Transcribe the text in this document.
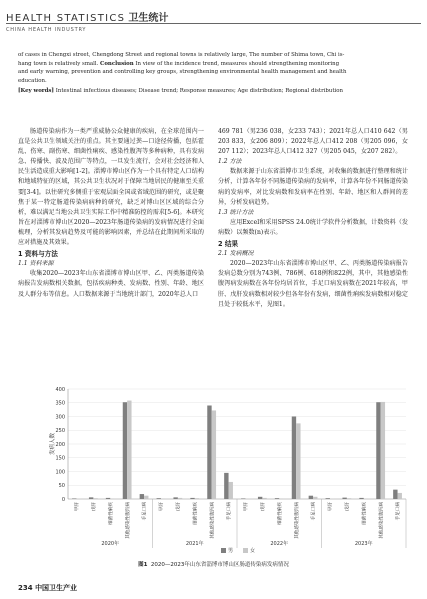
HEALTH STATISTICS 卫生统计
CHINA HEALTH INDUSTRY
of cases in Chengxi street, Chengdong Street and regional towns is relatively large, The number of Shima town, Chi is-
hang town is relatively small. Conclusion In view of the incidence trend, measures should strengthening monitoring
and early warning, prevention and controlling key groups, strengthening environmental health management and health
education.
[Key words] Intestinal infectious diseases; Disease trend; Response measures; Age distribution; Regional distribution

肠道传染病作为一类严重威胁公众健康的疾病，在全球范围内一直是公共卫生领域关注的重点。其主要通过粪—口途径传播，包括霍乱、伤寒、副伤寒、细菌性痢疾、感染性腹泻等多种病种，具有发病急、传播快、波及范围广等特点，一旦发生流行，会对社会经济和人民生活造成重大影响[1-2]。淄博市博山区作为一个具有特定人口结构和地域特征的区域，其公共卫生状况对于保障当地居民的健康至关重要[3-4]。以往研究多侧重于宏观层面全国或省域范围的研究，或是聚焦于某一特定肠道传染病病种的研究，缺乏对博山区区域的综合分析，难以满足当地公共卫生实际工作中精准防控的需求[5-6]。本研究旨在对淄博市博山区2020—2023年肠道传染病的发病情况进行全面梳理，分析其发病趋势及可能的影响因素，并总结在此期间所采取的应对措施及其效果。

1 资料与方法
1.1 资料来源

收集2020—2023年山东省淄博市博山区甲、乙、丙类肠道传染病报告发病数相关数据，包括疾病种类、发病数、性别、年龄、地区及人群分布等信息。人口数据来源于当地统计部门，2020年总人口

469 781（男236 038，女233 743）；2021年总人口410 642（男203 833，女206 809）；2022年总人口412 208（男205 096，女207 112）；2023年总人口412 327（男205 045，女207 282）。

1.2 方法

数据来源于山东省淄博市卫生系统，对收集的数据进行整理和统计分析，计算各年份不同肠道传染病的发病率，计算各年份不同肠道传染病的发病率，对比发病数和发病率在性别、年龄、地区和人群间的差异，分析发病趋势。

1.3 统计方法

应用Excel和采用SPSS 24.0统计学软件分析数据，计数资料（发病数）以频数(n)表示。

2 结果
2.1 发病概况

2020—2023年山东省淄博市博山区甲、乙、丙类肠道传染病报告发病总数分别为743例、786例、618例和822例，其中，其他感染性腹泻病发病数在各年份均居首位，手足口病发病数在2021年较高，甲肝、戊肝发病数相对较少但各年份有发病，细菌性痢疾发病数相对稳定且处于较低水平，见图1。

0
50
100
150
200
250
300
350
400
发病人数
甲肝	戊肝	细菌性痢疾	其他感染性腹泻病	手足口病
2020年
甲肝	戊肝	细菌性痢疾	其他感染性腹泻病	手足口病
2021年
甲肝	戊肝	细菌性痢疾	其他感染性腹泻病	手足口病
2022年
甲肝	戊肝	细菌性痢疾	其他感染性腹泻病	手足口病
2023年
男	女
图1 2020—2023年山东省淄博市博山区肠道传染病发病情况
234 中国卫生产业
